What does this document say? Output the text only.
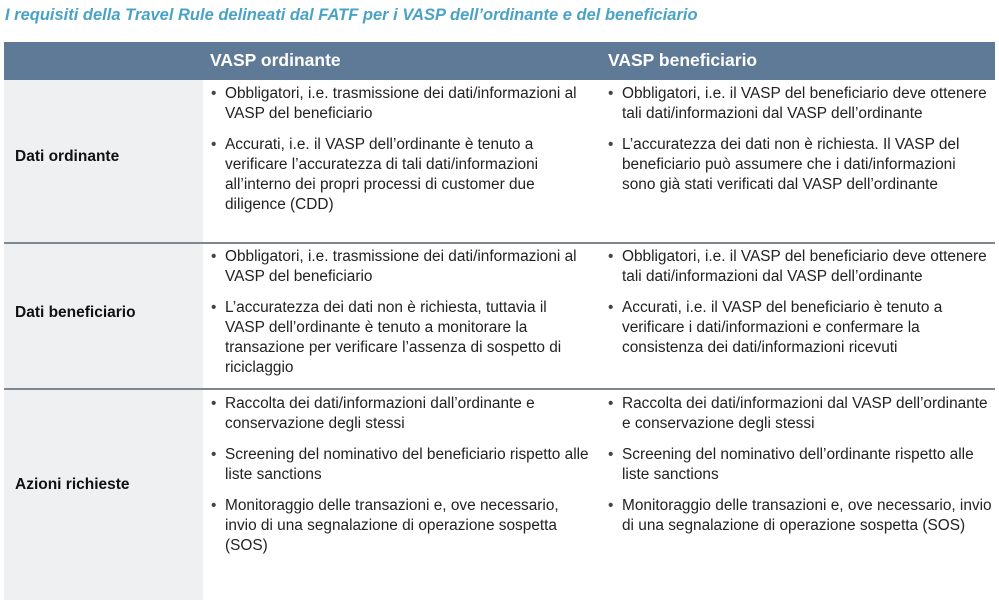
I requisiti della Travel Rule delineati dal FATF per i VASP dell’ordinante e del beneficiario
VASP ordinante	VASP beneficiario
Dati ordinante
• Obbligatori, i.e. trasmissione dei dati/informazioni al VASP del beneficiario
• Accurati, i.e. il VASP dell’ordinante è tenuto a verificare l’accuratezza di tali dati/informazioni all’interno dei propri processi di customer due diligence (CDD)
• Obbligatori, i.e. il VASP del beneficiario deve ottenere tali dati/informazioni dal VASP dell’ordinante
• L’accuratezza dei dati non è richiesta. Il VASP del beneficiario può assumere che i dati/informazioni sono già stati verificati dal VASP dell’ordinante
Dati beneficiario
• Obbligatori, i.e. trasmissione dei dati/informazioni al VASP del beneficiario
• L’accuratezza dei dati non è richiesta, tuttavia il VASP dell’ordinante è tenuto a monitorare la transazione per verificare l’assenza di sospetto di riciclaggio
• Obbligatori, i.e. il VASP del beneficiario deve ottenere tali dati/informazioni dal VASP dell’ordinante
• Accurati, i.e. il VASP del beneficiario è tenuto a verificare i dati/informazioni e confermare la consistenza dei dati/informazioni ricevuti
Azioni richieste
• Raccolta dei dati/informazioni dall’ordinante e conservazione degli stessi
• Screening del nominativo del beneficiario rispetto alle liste sanctions
• Monitoraggio delle transazioni e, ove necessario, invio di una segnalazione di operazione sospetta (SOS)
• Raccolta dei dati/informazioni dal VASP dell’ordinante e conservazione degli stessi
• Screening del nominativo dell’ordinante rispetto alle liste sanctions
• Monitoraggio delle transazioni e, ove necessario, invio di una segnalazione di operazione sospetta (SOS)
